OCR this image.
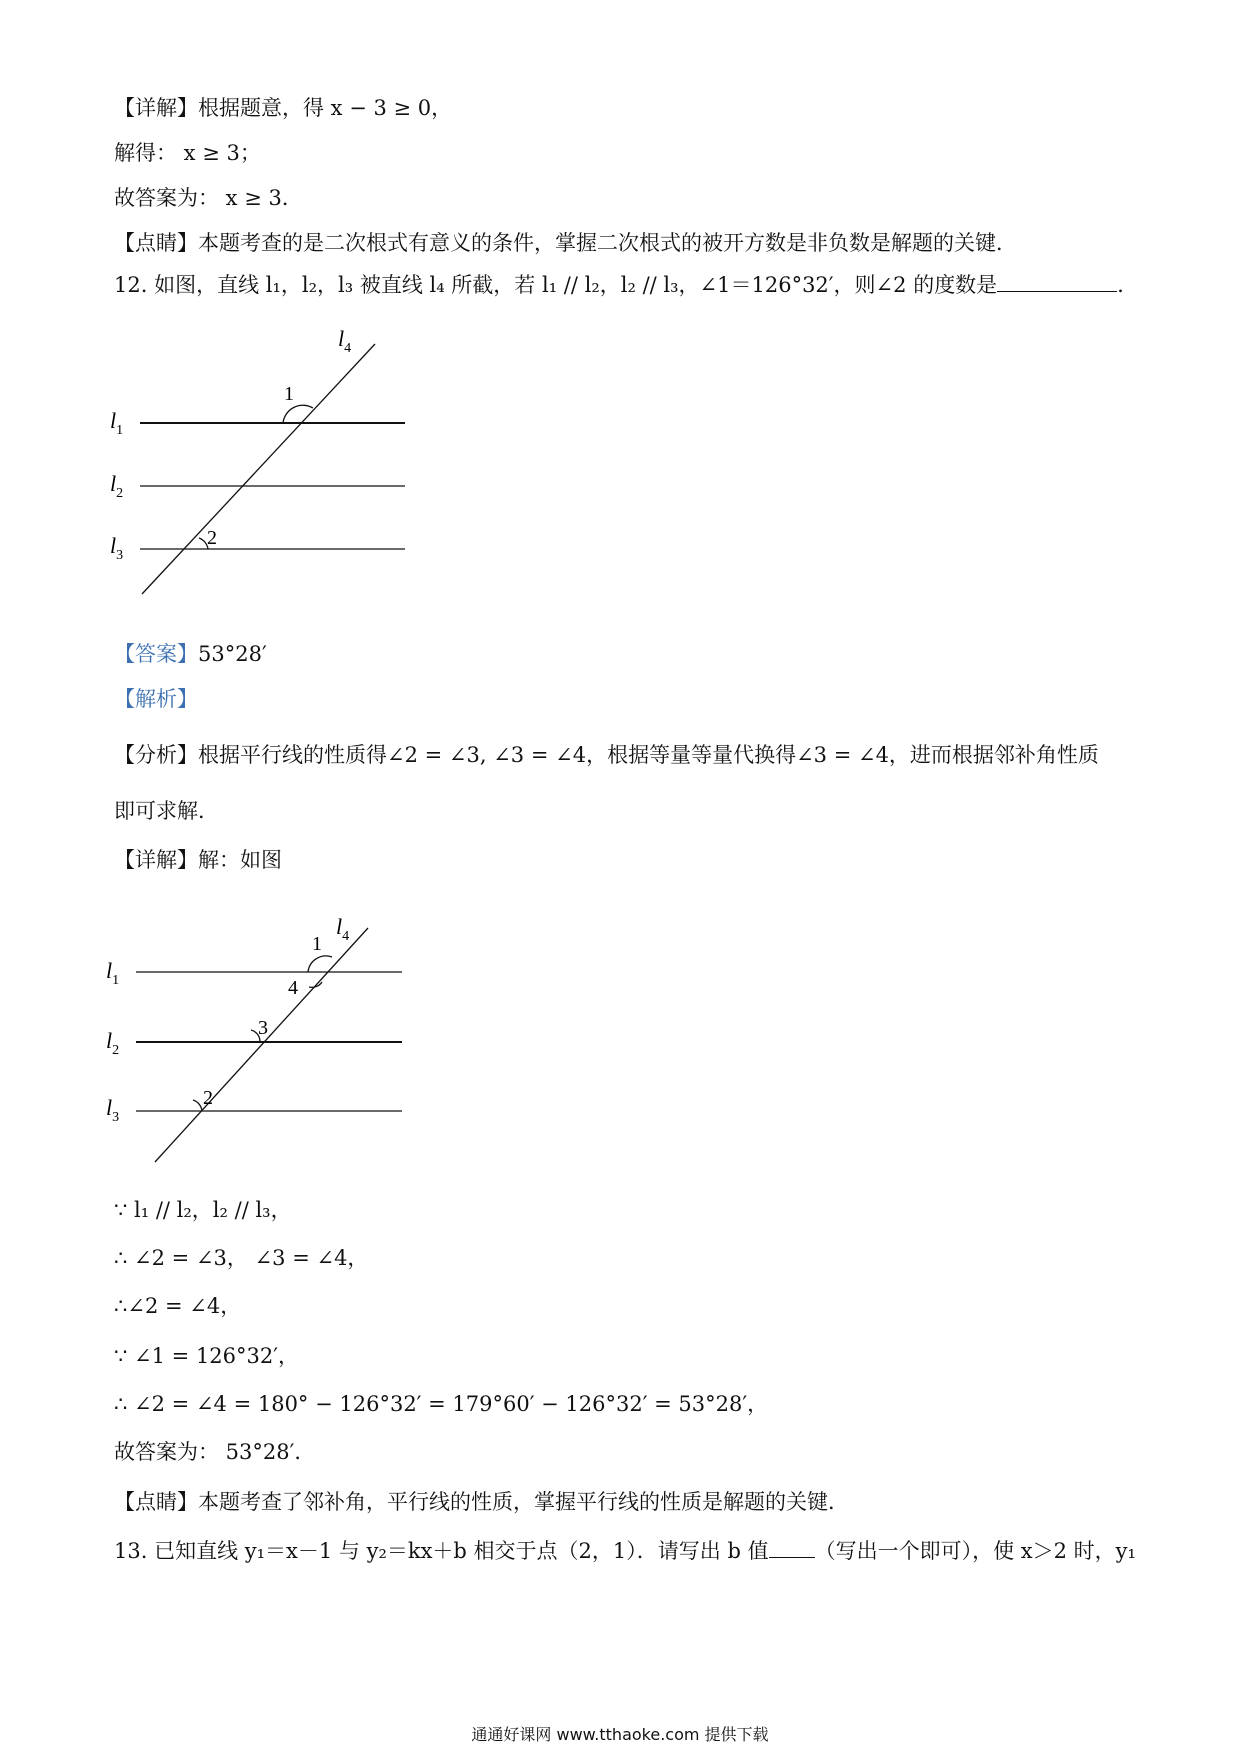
【详解】根据题意，得 x − 3 ≥ 0，
解得： x ≥ 3；
故答案为： x ≥ 3．
【点睛】本题考查的是二次根式有意义的条件，掌握二次根式的被开方数是非负数是解题的关键．
12. 如图，直线 l₁，l₂，l₃ 被直线 l₄ 所截，若 l₁ // l₂，l₂ // l₃，∠1＝126°32′，则∠2 的度数是	．
1
2
$l_1$
$l_2$
$l_3$
$l_4$
【答案】53°28′
【解析】
【分析】根据平行线的性质得∠2 = ∠3, ∠3 = ∠4，根据等量等量代换得∠3 = ∠4，进而根据邻补角性质
即可求解．
【详解】解：如图
1
4
3
2
$l_1$
$l_2$
$l_3$
$l_4$
∵ l₁ // l₂，l₂ // l₃，
∴ ∠2 = ∠3， ∠3 = ∠4，
∴∠2 = ∠4，
∵ ∠1 = 126°32′，
∴ ∠2 = ∠4 = 180° − 126°32′ = 179°60′ − 126°32′ = 53°28′，
故答案为： 53°28′．
【点睛】本题考查了邻补角，平行线的性质，掌握平行线的性质是解题的关键．
13. 已知直线 y₁＝x－1 与 y₂＝kx＋b 相交于点（2，1）．请写出 b 值 （写出一个即可），使 x＞2 时，y₁
通通好课网 www.tthaoke.com 提供下载
